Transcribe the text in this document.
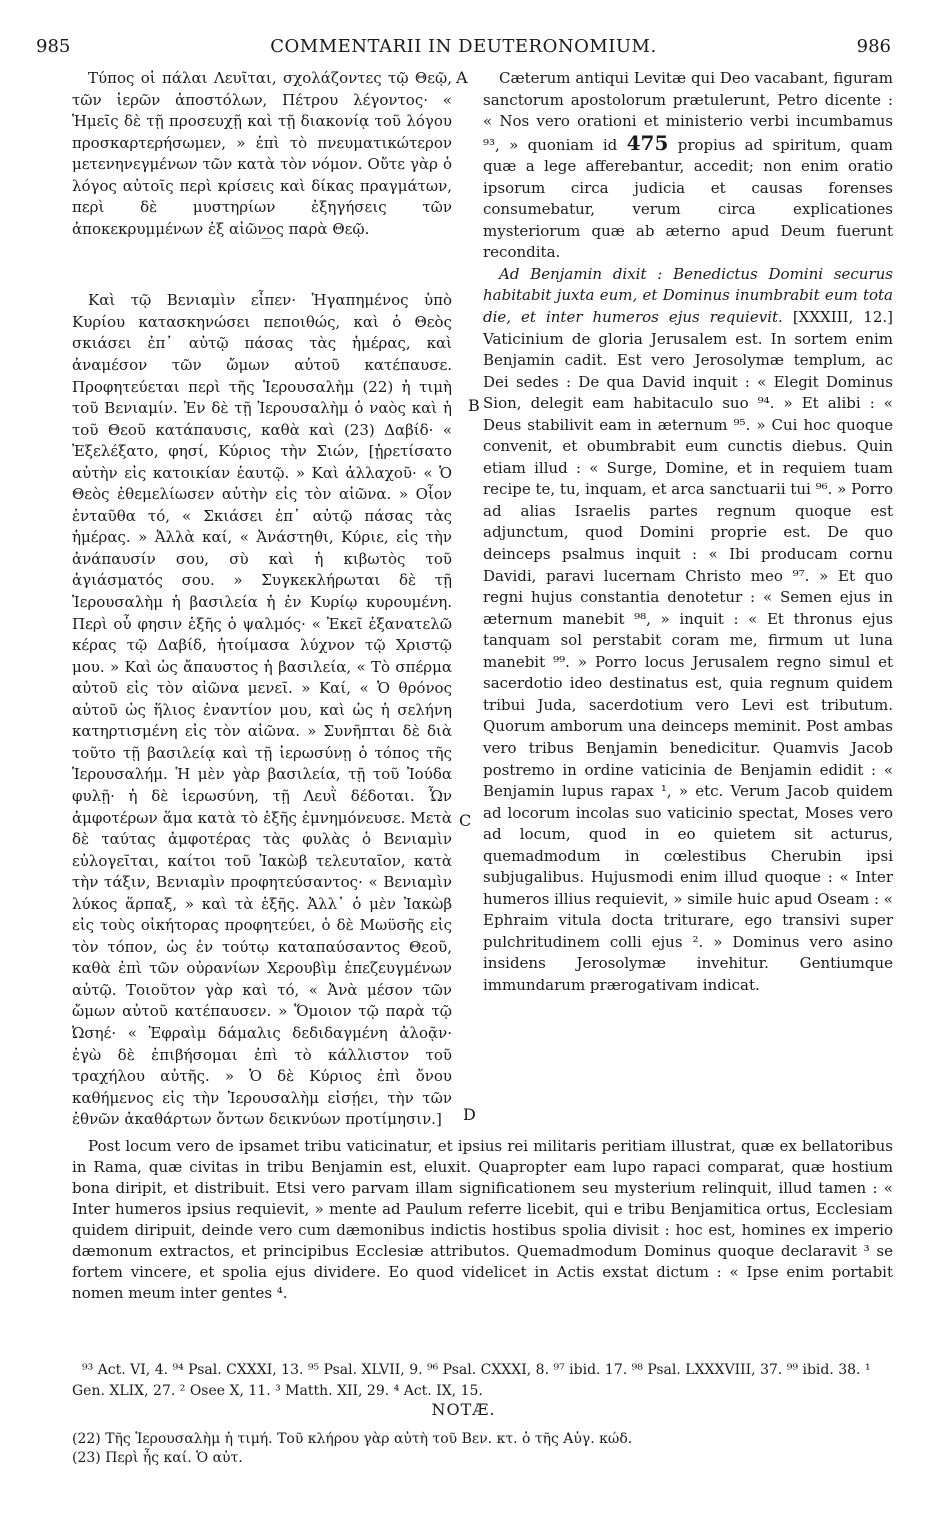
985	COMMENTARII IN DEUTERONOMIUM.	986
A
B
C
D

Τύπος οἱ πάλαι Λευῖται, σχολάζοντες τῷ Θεῷ, τῶν ἱερῶν ἀποστόλων, Πέτρου λέγοντος· « Ἡμεῖς δὲ τῇ προσευχῇ καὶ τῇ διακονίᾳ τοῦ λόγου προσκαρτερήσωμεν, » ἐπὶ τὸ πνευματικώτερον μετενηνεγμένων τῶν κατὰ τὸν νόμον. Οὔτε γὰρ ὁ λόγος αὐτοῖς περὶ κρίσεις καὶ δίκας πραγμάτων, περὶ δὲ μυστηρίων ἐξηγήσεις τῶν ἀποκεκρυμμένων ἐξ αἰῶνος παρὰ Θεῷ.

Καὶ τῷ Βενιαμὶν εἶπεν· Ἠγαπημένος ὑπὸ Κυρίου κατασκηνώσει πεποιθώς, καὶ ὁ Θεὸς σκιάσει ἐπ᾽ αὐτῷ πάσας τὰς ἡμέρας, καὶ ἀναμέσον τῶν ὤμων αὐτοῦ κατέπαυσε. Προφητεύεται περὶ τῆς Ἱερουσαλὴμ (22) ἡ τιμὴ τοῦ Βενιαμίν. Ἐν δὲ τῇ Ἱερουσαλὴμ ὁ ναὸς καὶ ἡ τοῦ Θεοῦ κατάπαυσις, καθὰ καὶ (23) Δαβίδ· « Ἐξελέξατο, φησί, Κύριος τὴν Σιών, [ᾑρετίσατο αὐτὴν εἰς κατοικίαν ἑαυτῷ. » Καὶ ἀλλαχοῦ· « Ὁ Θεὸς ἐθεμελίωσεν αὐτὴν εἰς τὸν αἰῶνα. » Οἷον ἐνταῦθα τό, « Σκιάσει ἐπ᾽ αὐτῷ πάσας τὰς ἡμέρας. » Ἀλλὰ καί, « Ἀνάστηθι, Κύριε, εἰς τὴν ἀνάπαυσίν σου, σὺ καὶ ἡ κιβωτὸς τοῦ ἁγιάσματός σου. » Συγκεκλήρωται δὲ τῇ Ἱερουσαλὴμ ἡ βασιλεία ἡ ἐν Κυρίῳ κυρουμένη. Περὶ οὗ φησιν ἑξῆς ὁ ψαλμός· « Ἐκεῖ ἐξανατελῶ κέρας τῷ Δαβίδ, ἡτοίμασα λύχνον τῷ Χριστῷ μου. » Καὶ ὡς ἄπαυστος ἡ βασιλεία, « Τὸ σπέρμα αὐτοῦ εἰς τὸν αἰῶνα μενεῖ. » Καί, « Ὁ θρόνος αὐτοῦ ὡς ἥλιος ἐναντίον μου, καὶ ὡς ἡ σελήνη κατηρτισμένη εἰς τὸν αἰῶνα. » Συνῆπται δὲ διὰ τοῦτο τῇ βασιλείᾳ καὶ τῇ ἱερωσύνῃ ὁ τόπος τῆς Ἱερουσαλήμ. Ἡ μὲν γὰρ βασιλεία, τῇ τοῦ Ἰούδα φυλῇ· ἡ δὲ ἱερωσύνη, τῇ Λευῒ δέδοται. Ὧν ἀμφοτέρων ἅμα κατὰ τὸ ἑξῆς ἐμνημόνευσε. Μετὰ δὲ ταύτας ἀμφοτέρας τὰς φυλὰς ὁ Βενιαμὶν εὐλογεῖται, καίτοι τοῦ Ἰακὼβ τελευταῖον, κατὰ τὴν τάξιν, Βενιαμὶν προφητεύσαντος· « Βενιαμὶν λύκος ἅρπαξ, » καὶ τὰ ἑξῆς. Ἀλλ᾽ ὁ μὲν Ἰακὼβ εἰς τοὺς οἰκήτορας προφητεύει, ὁ δὲ Μωϋσῆς εἰς τὸν τόπον, ὡς ἐν τούτῳ καταπαύσαντος Θεοῦ, καθὰ ἐπὶ τῶν οὐρανίων Χερουβὶμ ἐπεζευγμένων αὐτῷ. Τοιοῦτον γὰρ καὶ τό, « Ἀνὰ μέσον τῶν ὤμων αὐτοῦ κατέπαυσεν. » Ὅμοιον τῷ παρὰ τῷ Ὠσηέ· « Ἐφραὶμ δάμαλις δεδιδαγμένη ἀλοᾷν· ἐγὼ δὲ ἐπιβήσομαι ἐπὶ τὸ κάλλιστον τοῦ τραχήλου αὐτῆς. » Ὁ δὲ Κύριος ἐπὶ ὄνου καθήμενος εἰς τὴν Ἱερουσαλὴμ εἰσῄει, τὴν τῶν ἐθνῶν ἀκαθάρτων ὄντων δεικνύων προτίμησιν.]

Cæterum antiqui Levitæ qui Deo vacabant, figuram sanctorum apostolorum prætulerunt, Petro dicente : « Nos vero orationi et ministerio verbi incumbamus ⁹³, » quoniam id 475 propius ad spiritum, quam quæ a lege afferebantur, accedit; non enim oratio ipsorum circa judicia et causas forenses consumebatur, verum circa explicationes mysteriorum quæ ab æterno apud Deum fuerunt recondita.

Ad Benjamin dixit : Benedictus Domini securus habitabit juxta eum, et Dominus inumbrabit eum tota die, et inter humeros ejus requievit. [XXXIII, 12.] Vaticinium de gloria Jerusalem est. In sortem enim Benjamin cadit. Est vero Jerosolymæ templum, ac Dei sedes : De qua David inquit : « Elegit Dominus Sion, delegit eam habitaculo suo ⁹⁴. » Et alibi : « Deus stabilivit eam in æternum ⁹⁵. » Cui hoc quoque convenit, et obumbrabit eum cunctis diebus. Quin etiam illud : « Surge, Domine, et in requiem tuam recipe te, tu, inquam, et arca sanctuarii tui ⁹⁶. » Porro ad alias Israelis partes regnum quoque est adjunctum, quod Domini proprie est. De quo deinceps psalmus inquit : « Ibi producam cornu Davidi, paravi lucernam Christo meo ⁹⁷. » Et quo regni hujus constantia denotetur : « Semen ejus in æternum manebit ⁹⁸, » inquit : « Et thronus ejus tanquam sol perstabit coram me, firmum ut luna manebit ⁹⁹. » Porro locus Jerusalem regno simul et sacerdotio ideo destinatus est, quia regnum quidem tribui Juda, sacerdotium vero Levi est tributum. Quorum amborum una deinceps meminit. Post ambas vero tribus Benjamin benedicitur. Quamvis Jacob postremo in ordine vaticinia de Benjamin edidit : « Benjamin lupus rapax ¹, » etc. Verum Jacob quidem ad locorum incolas suo vaticinio spectat, Moses vero ad locum, quod in eo quietem sit acturus, quemadmodum in cœlestibus Cherubin ipsi subjugalibus. Hujusmodi enim illud quoque : « Inter humeros illius requievit, » simile huic apud Oseam : « Ephraim vitula docta triturare, ego transivi super pulchritudinem colli ejus ². » Dominus vero asino insidens Jerosolymæ invehitur. Gentiumque immundarum prærogativam indicat.

Post locum vero de ipsamet tribu vaticinatur, et ipsius rei militaris peritiam illustrat, quæ ex bellatoribus in Rama, quæ civitas in tribu Benjamin est, eluxit. Quapropter eam lupo rapaci comparat, quæ hostium bona diripit, et distribuit. Etsi vero parvam illam significationem seu mysterium relinquit, illud tamen : « Inter humeros ipsius requievit, » mente ad Paulum referre licebit, qui e tribu Benjamitica ortus, Ecclesiam quidem diripuit, deinde vero cum dæmonibus indictis hostibus spolia divisit : hoc est, homines ex imperio dæmonum extractos, et principibus Ecclesiæ attributos. Quemadmodum Dominus quoque declaravit ³ se fortem vincere, et spolia ejus dividere. Eo quod videlicet in Actis exstat dictum : « Ipse enim portabit nomen meum inter gentes ⁴.

⁹³ Act. VI, 4. ⁹⁴ Psal. CXXXI, 13. ⁹⁵ Psal. XLVII, 9. ⁹⁶ Psal. CXXXI, 8. ⁹⁷ ibid. 17. ⁹⁸ Psal. LXXXVIII, 37. ⁹⁹ ibid. 38. ¹ Gen. XLIX, 27. ² Osee X, 11. ³ Matth. XII, 29. ⁴ Act. IX, 15.

NOTÆ.

(22) Τῆς Ἱερουσαλὴμ ἡ τιμή. Τοῦ κλήρου γὰρ αὐτὴ τοῦ Βεν. κτ. ὁ τῆς Αὐγ. κώδ.

(23) Περὶ ἧς καί. Ὁ αὐτ.
